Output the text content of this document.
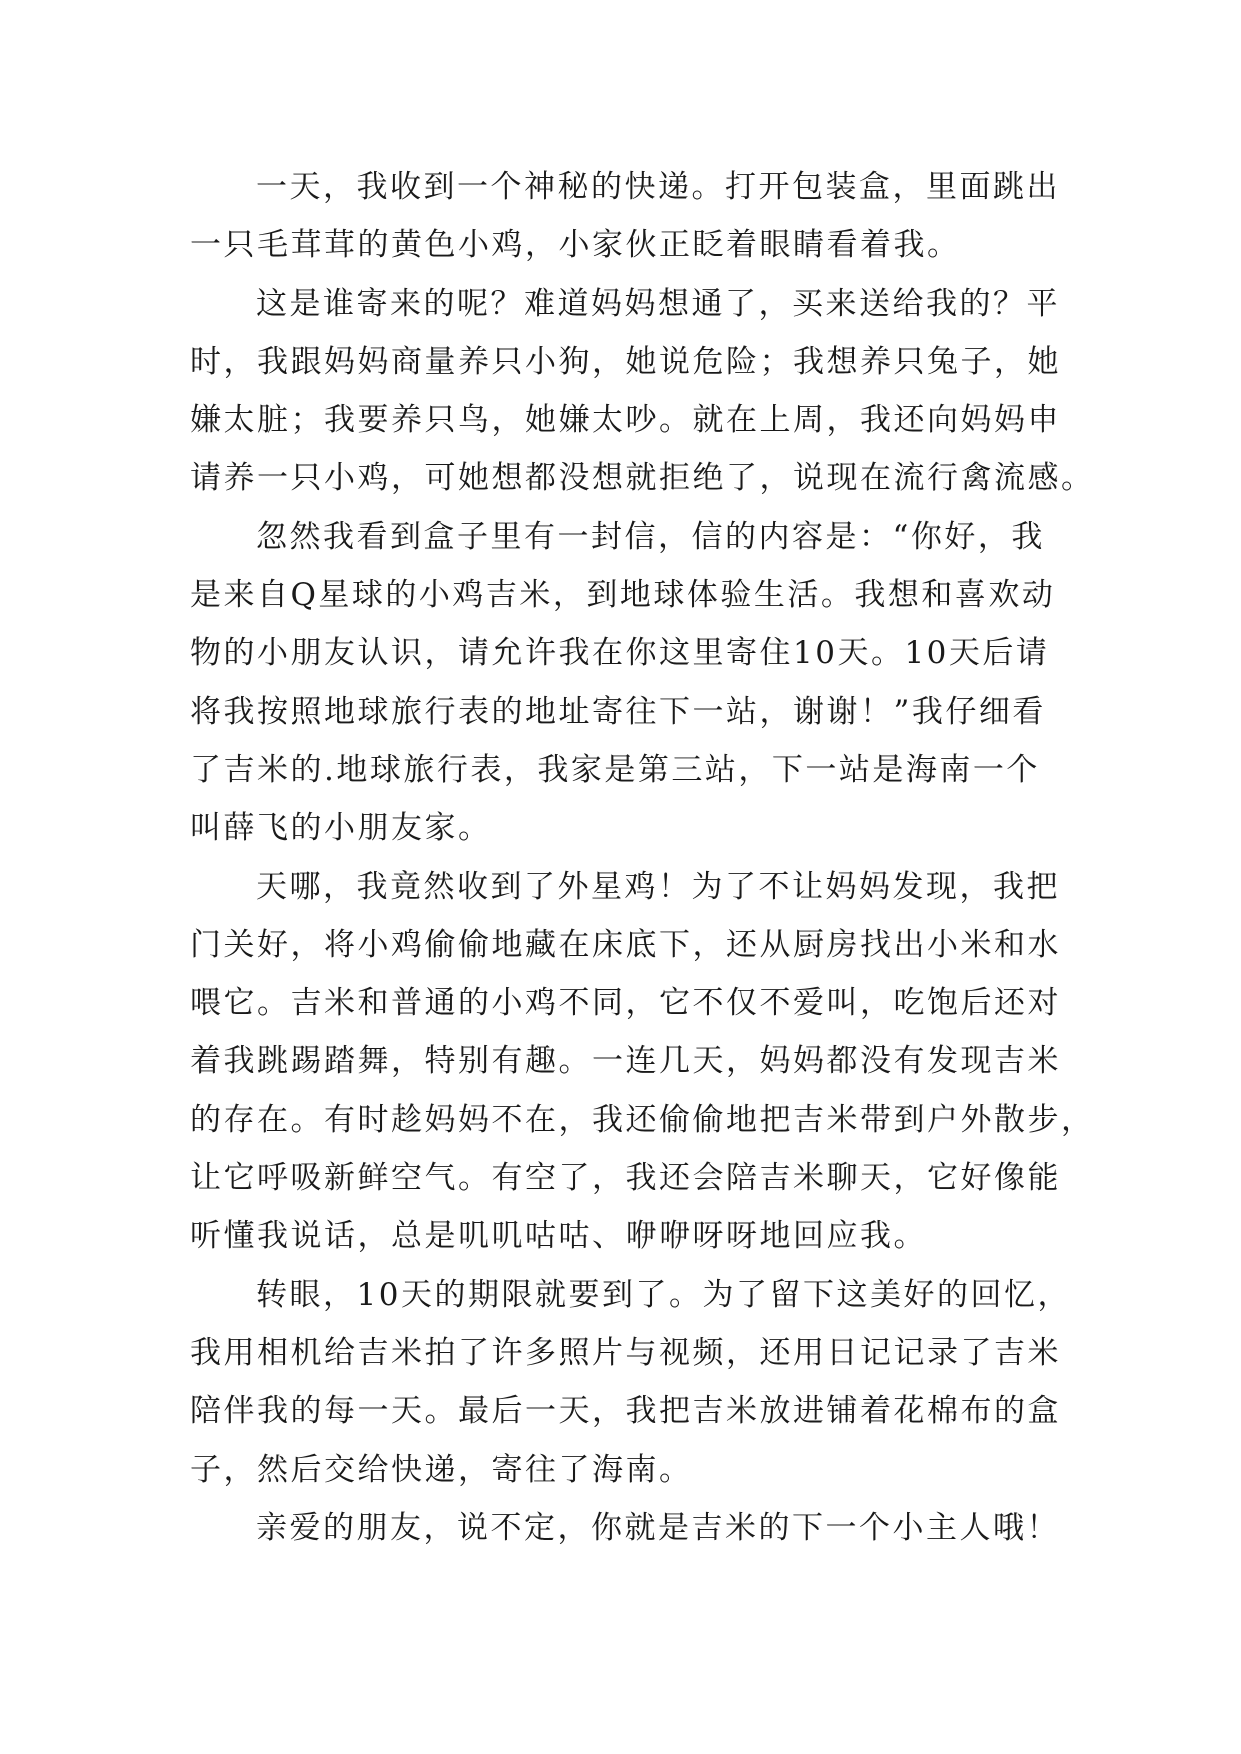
一天，我收到一个神秘的快递。打开包装盒，里面跳出
一只毛茸茸的黄色小鸡，小家伙正眨着眼睛看着我。
这是谁寄来的呢？难道妈妈想通了，买来送给我的？平
时，我跟妈妈商量养只小狗，她说危险；我想养只兔子，她
嫌太脏；我要养只鸟，她嫌太吵。就在上周，我还向妈妈申
请养一只小鸡，可她想都没想就拒绝了，说现在流行禽流感。
忽然我看到盒子里有一封信，信的内容是：“你好，我
是来自Q星球的小鸡吉米，到地球体验生活。我想和喜欢动
物的小朋友认识，请允许我在你这里寄住10天。10天后请
将我按照地球旅行表的地址寄往下一站，谢谢！”我仔细看
了吉米的.地球旅行表，我家是第三站，下一站是海南一个
叫薛飞的小朋友家。
天哪，我竟然收到了外星鸡！为了不让妈妈发现，我把
门关好，将小鸡偷偷地藏在床底下，还从厨房找出小米和水
喂它。吉米和普通的小鸡不同，它不仅不爱叫，吃饱后还对
着我跳踢踏舞，特别有趣。一连几天，妈妈都没有发现吉米
的存在。有时趁妈妈不在，我还偷偷地把吉米带到户外散步，
让它呼吸新鲜空气。有空了，我还会陪吉米聊天，它好像能
听懂我说话，总是叽叽咕咕、咿咿呀呀地回应我。
转眼，10天的期限就要到了。为了留下这美好的回忆，
我用相机给吉米拍了许多照片与视频，还用日记记录了吉米
陪伴我的每一天。最后一天，我把吉米放进铺着花棉布的盒
子，然后交给快递，寄往了海南。
亲爱的朋友，说不定，你就是吉米的下一个小主人哦！
